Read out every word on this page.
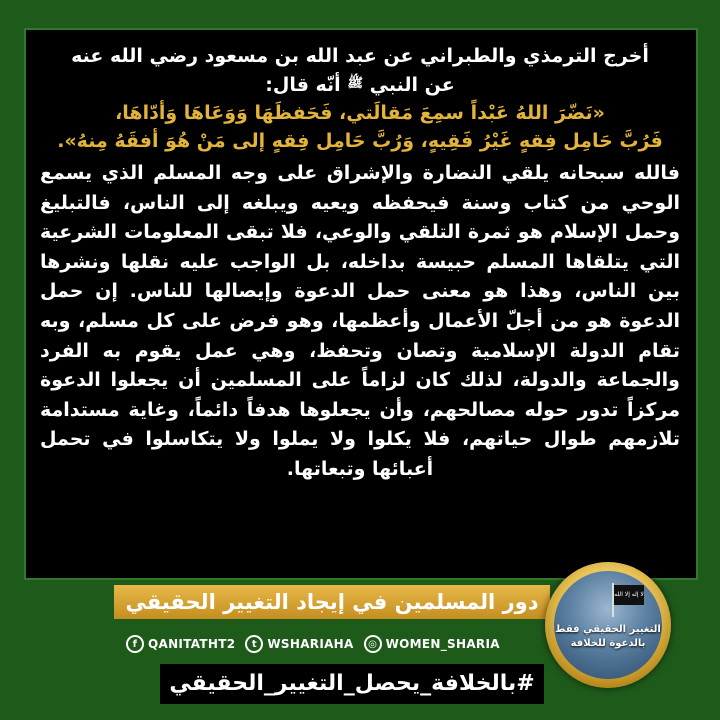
أخرج الترمذي والطبراني عن عبد الله بن مسعود رضي الله عنه

عن النبي $^ﷺ$ أنّه قال:

«نَضّرَ اللهُ عَبْداً سمِعَ مَقالَتي، فَحَفظَهَا وَوَعَاهَا وَأدّاهَا،

فَرُبَّ حَامِل فِقهٍ غَيْرُ فَقِيهٍ، وَرُبَّ حَامِل فِقهٍ إلى مَنْ هُوَ أفقَهُ مِنهُ».

فالله سبحانه يلقي النضارة والإشراق على وجه المسلم الذي يسمع الوحي من كتاب وسنة فيحفظه ويعيه ويبلغه إلى الناس، فالتبليغ وحمل الإسلام هو ثمرة التلقي والوعي، فلا تبقى المعلومات الشرعية التي يتلقاها المسلم حبيسة بداخله، بل الواجب عليه نقلها ونشرها بين الناس، وهذا هو معنى حمل الدعوة وإيصالها للناس. إن حمل الدعوة هو من أجلّ الأعمال وأعظمها، وهو فرض على كل مسلم، وبه تقام الدولة الإسلامية وتصان وتحفظ، وهي عمل يقوم به الفرد والجماعة والدولة، لذلك كان لزاماً على المسلمين أن يجعلوا الدعوة مركزاً تدور حوله مصالحهم، وأن يجعلوها هدفاً دائماً، وغاية مستدامة تلازمهم طوال حياتهم، فلا يكلوا ولا يملوا ولا يتكاسلوا في تحمل أعبائها وتبعاتها.

دور المسلمين في إيجاد التغيير الحقيقي
f QANITATHT2	t WSHARIAHA	◎ WOMEN_SHARIA
#بالخلافة_يحصل_التغيير_الحقيقي
لا إله إلا الله
التغيير الحقيقي فقط
بالدعوة للخلافة
